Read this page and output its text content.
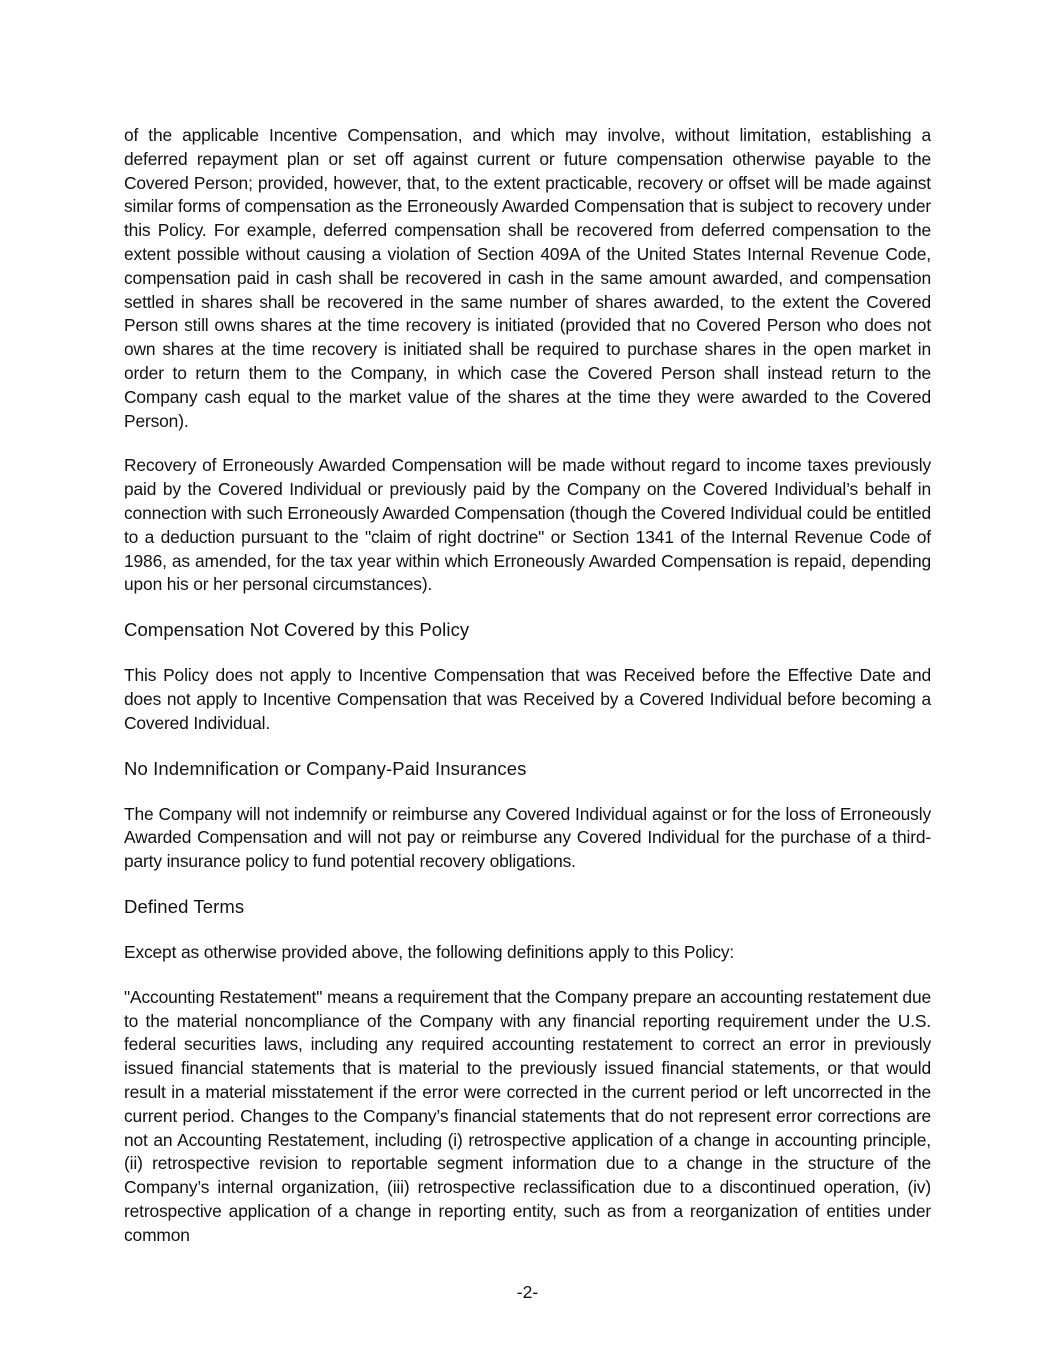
of the applicable Incentive Compensation, and which may involve, without limitation, establishing a deferred repayment plan or set off against current or future compensation otherwise payable to the Covered Person; provided, however, that, to the extent practicable, recovery or offset will be made against similar forms of compensation as the Erroneously Awarded Compensation that is subject to recovery under this Policy. For example, deferred compensation shall be recovered from deferred compensation to the extent possible without causing a violation of Section 409A of the United States Internal Revenue Code, compensation paid in cash shall be recovered in cash in the same amount awarded, and compensation settled in shares shall be recovered in the same number of shares awarded, to the extent the Covered Person still owns shares at the time recovery is initiated (provided that no Covered Person who does not own shares at the time recovery is initiated shall be required to purchase shares in the open market in order to return them to the Company, in which case the Covered Person shall instead return to the Company cash equal to the market value of the shares at the time they were awarded to the Covered Person).

Recovery of Erroneously Awarded Compensation will be made without regard to income taxes previously paid by the Covered Individual or previously paid by the Company on the Covered Individual’s behalf in connection with such Erroneously Awarded Compensation (though the Covered Individual could be entitled to a deduction pursuant to the "claim of right doctrine" or Section 1341 of the Internal Revenue Code of 1986, as amended, for the tax year within which Erroneously Awarded Compensation is repaid, depending upon his or her personal circumstances).

Compensation Not Covered by this Policy

This Policy does not apply to Incentive Compensation that was Received before the Effective Date and does not apply to Incentive Compensation that was Received by a Covered Individual before becoming a Covered Individual.

No Indemnification or Company-Paid Insurances

The Company will not indemnify or reimburse any Covered Individual against or for the loss of Erroneously Awarded Compensation and will not pay or reimburse any Covered Individual for the purchase of a third-party insurance policy to fund potential recovery obligations.

Defined Terms

Except as otherwise provided above, the following definitions apply to this Policy:

"Accounting Restatement" means a requirement that the Company prepare an accounting restatement due to the material noncompliance of the Company with any financial reporting requirement under the U.S. federal securities laws, including any required accounting restatement to correct an error in previously issued financial statements that is material to the previously issued financial statements, or that would result in a material misstatement if the error were corrected in the current period or left uncorrected in the current period. Changes to the Company’s financial statements that do not represent error corrections are not an Accounting Restatement, including (i) retrospective application of a change in accounting principle, (ii) retrospective revision to reportable segment information due to a change in the structure of the Company’s internal organization, (iii) retrospective reclassification due to a discontinued operation, (iv) retrospective application of a change in reporting entity, such as from a reorganization of entities under common

-2-
